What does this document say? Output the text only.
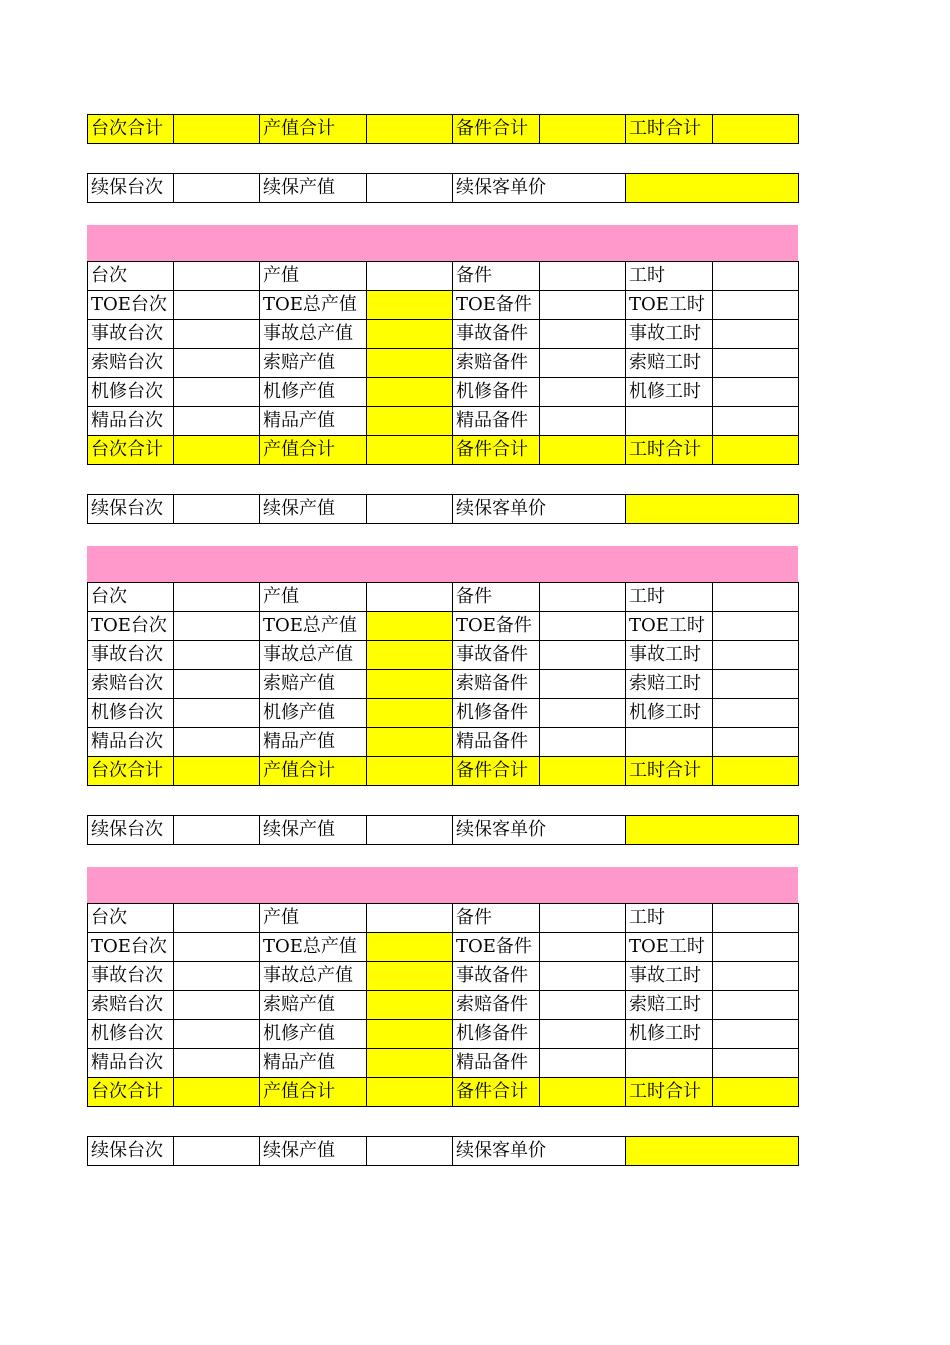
台次合计		产值合计		备件合计		工时合计	
续保台次		续保产值		续保客单价	
台次		产值		备件		工时	
TOE台次		TOE总产值		TOE备件		TOE工时	
事故台次		事故总产值		事故备件		事故工时	
索赔台次		索赔产值		索赔备件		索赔工时	
机修台次		机修产值		机修备件		机修工时	
精品台次		精品产值		精品备件			
台次合计		产值合计		备件合计		工时合计	
续保台次		续保产值		续保客单价	
台次		产值		备件		工时	
TOE台次		TOE总产值		TOE备件		TOE工时	
事故台次		事故总产值		事故备件		事故工时	
索赔台次		索赔产值		索赔备件		索赔工时	
机修台次		机修产值		机修备件		机修工时	
精品台次		精品产值		精品备件			
台次合计		产值合计		备件合计		工时合计	
续保台次		续保产值		续保客单价	
台次		产值		备件		工时	
TOE台次		TOE总产值		TOE备件		TOE工时	
事故台次		事故总产值		事故备件		事故工时	
索赔台次		索赔产值		索赔备件		索赔工时	
机修台次		机修产值		机修备件		机修工时	
精品台次		精品产值		精品备件			
台次合计		产值合计		备件合计		工时合计	
续保台次		续保产值		续保客单价	
